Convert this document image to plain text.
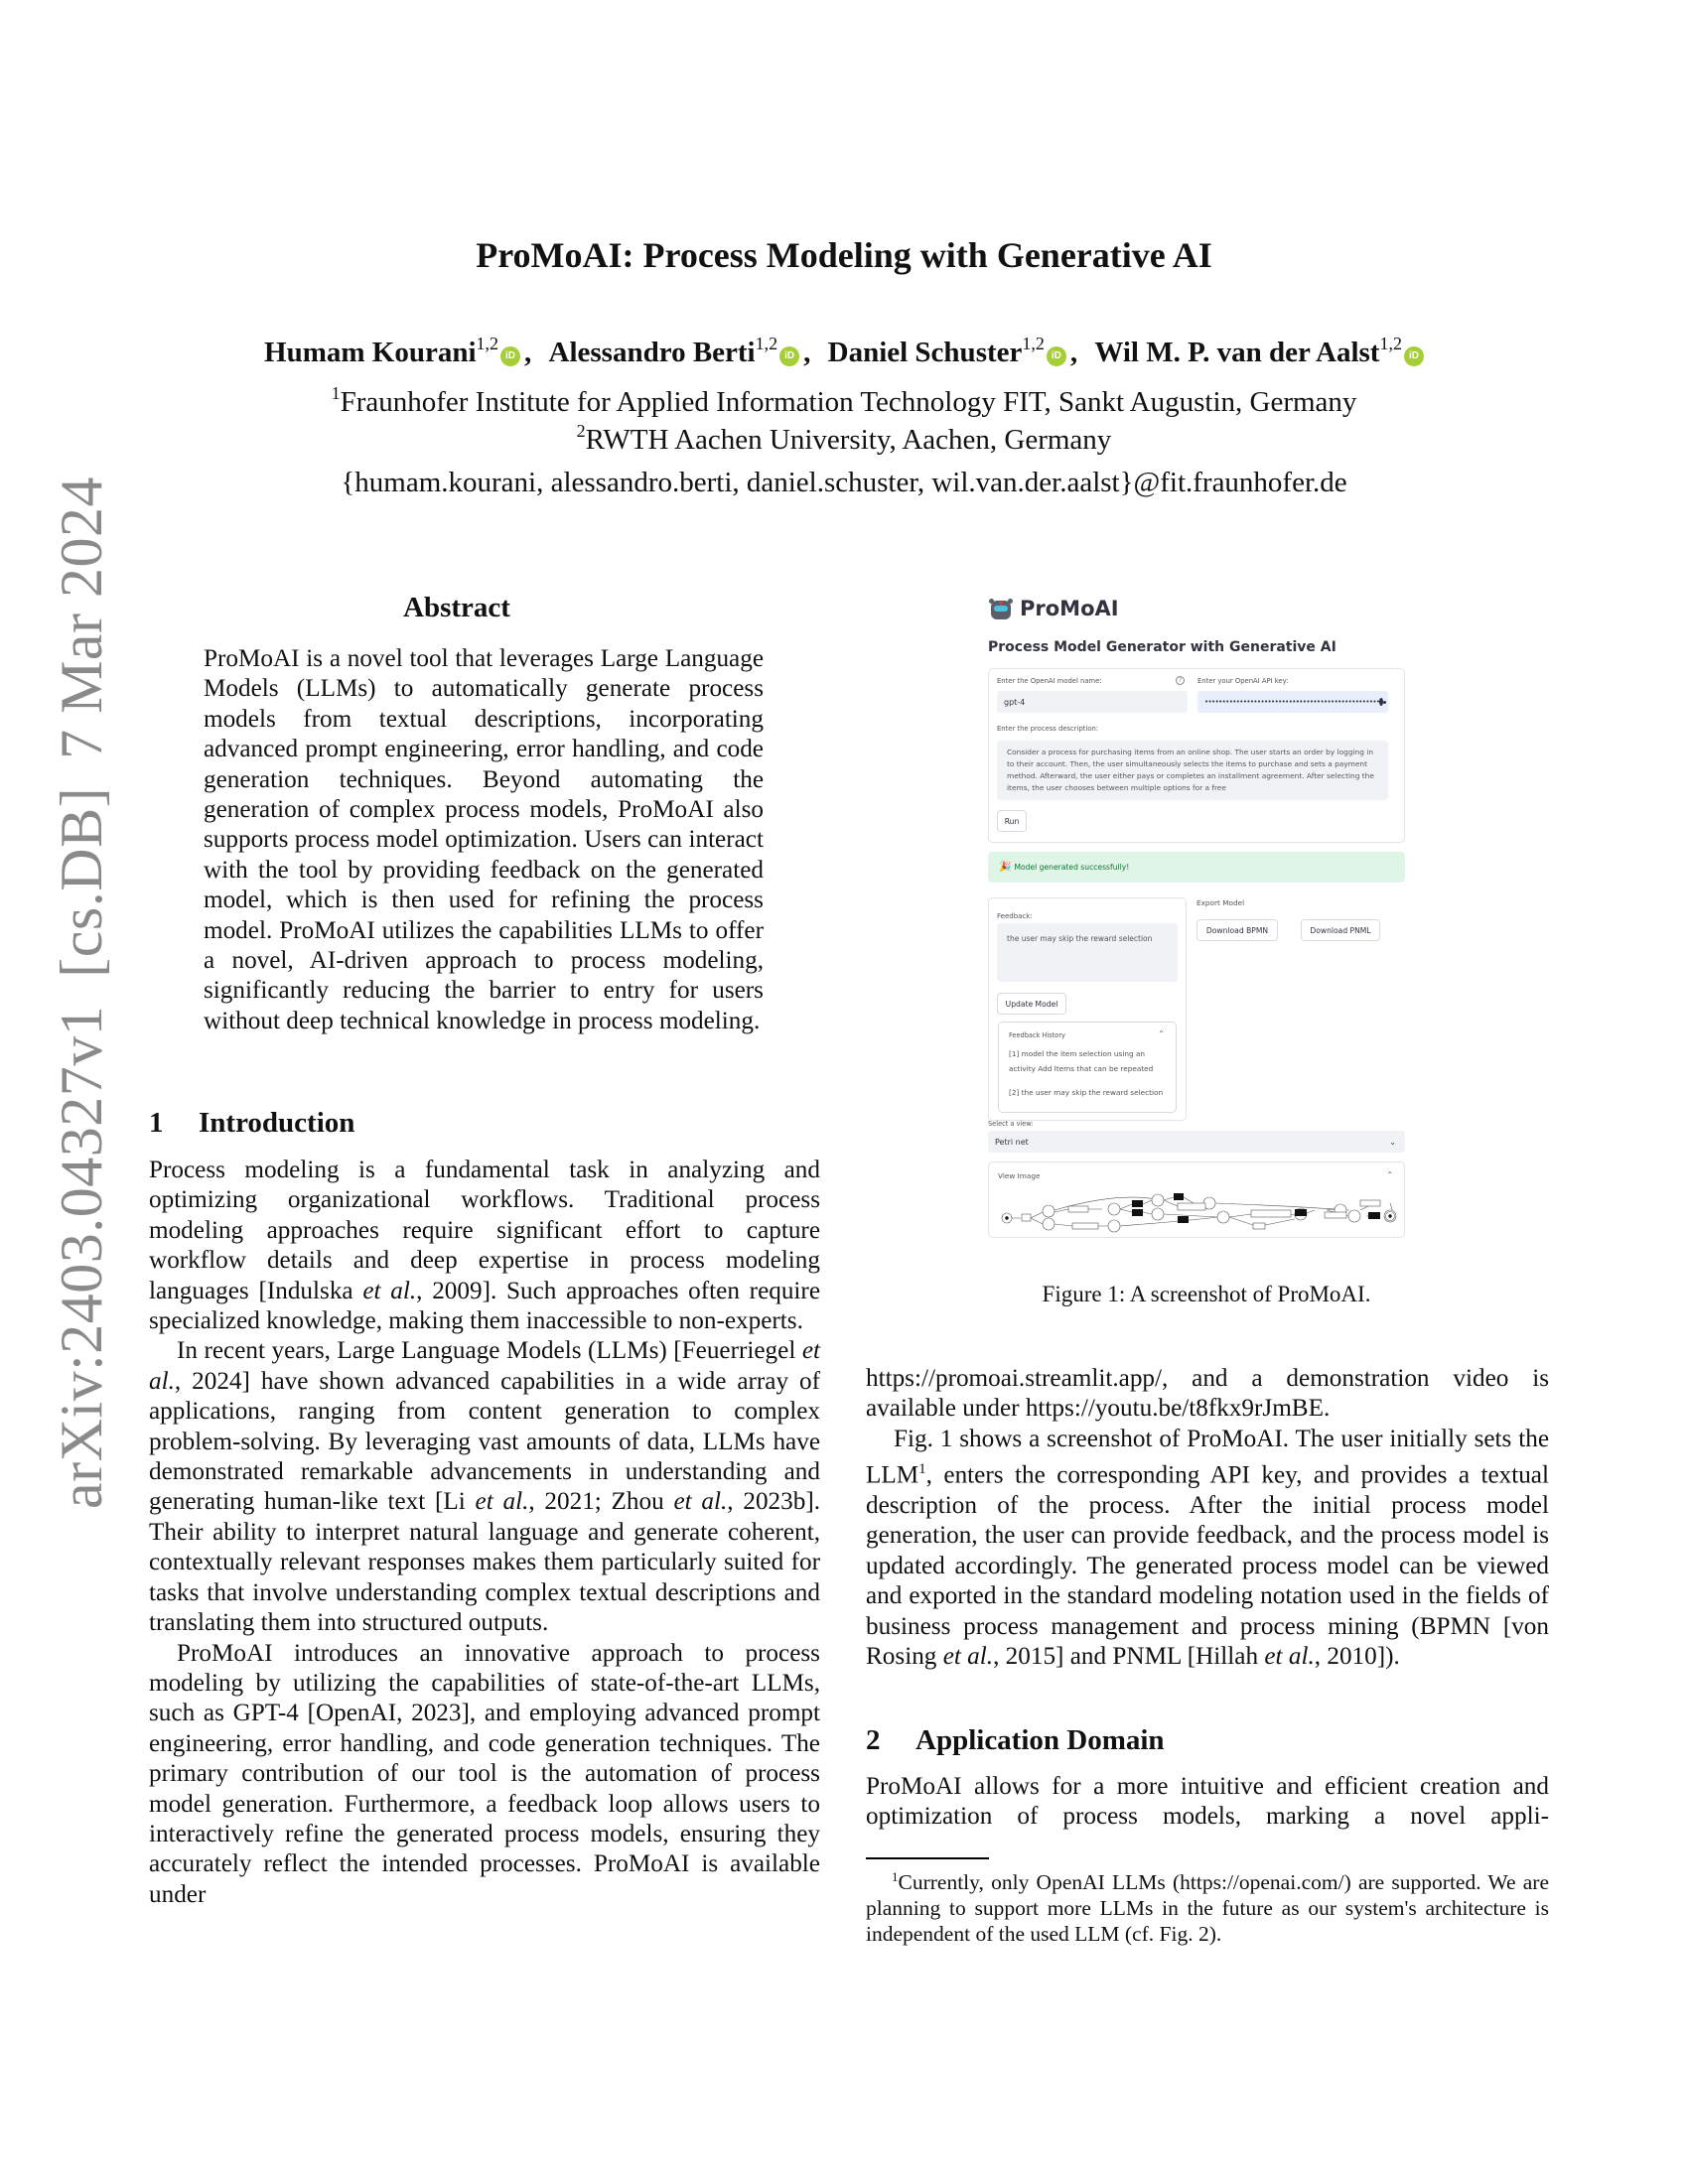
arXiv:2403.04327v1[cs.DB]7 Mar 2024
ProMoAI: Process Modeling with Generative AI
Humam Kourani$^{1,2}$iD , Alessandro Berti$^{1,2}$iD , Daniel Schuster$^{1,2}$iD , Wil M. P. van der Aalst$^{1,2}$iD
$^1$Fraunhofer Institute for Applied Information Technology FIT, Sankt Augustin, Germany
$^2$RWTH Aachen University, Aachen, Germany
{humam.kourani, alessandro.berti, daniel.schuster, wil.van.der.aalst}@fit.fraunhofer.de
Abstract

ProMoAI is a novel tool that leverages Large Language Models (LLMs) to automatically generate process models from textual descriptions, incorporating advanced prompt engineering, error handling, and code generation techniques. Beyond automating the generation of complex process models, ProMoAI also supports process model optimization. Users can interact with the tool by providing feedback on the generated model, which is then used for refining the process model. ProMoAI utilizes the capabilities LLMs to offer a novel, AI-driven approach to process modeling, significantly reducing the barrier to entry for users without deep technical knowledge in process modeling.

1 Introduction

Process modeling is a fundamental task in analyzing and optimizing organizational workflows. Traditional process modeling approaches require significant effort to capture workflow details and deep expertise in process modeling languages [Indulska et al., 2009]. Such approaches often require specialized knowledge, making them inaccessible to non-experts.

In recent years, Large Language Models (LLMs) [Feuerriegel et al., 2024] have shown advanced capabilities in a wide array of applications, ranging from content generation to complex problem-solving. By leveraging vast amounts of data, LLMs have demonstrated remarkable advancements in understanding and generating human-like text [Li et al., 2021; Zhou et al., 2023b]. Their ability to interpret natural language and generate coherent, contextually relevant responses makes them particularly suited for tasks that involve understanding complex textual descriptions and translating them into structured outputs.

ProMoAI introduces an innovative approach to process modeling by utilizing the capabilities of state-of-the-art LLMs, such as GPT-4 [OpenAI, 2023], and employing advanced prompt engineering, error handling, and code generation techniques. The primary contribution of our tool is the automation of process model generation. Furthermore, a feedback loop allows users to interactively refine the generated process models, ensuring they accurately reflect the intended processes. ProMoAI is available under

ProMoAI
Process Model Generator with Generative AI
Enter the OpenAI model name:	?
gpt-4
Enter your OpenAI API key:
••••••••••••••••••••••••••••••••••••••••••••••••••
Enter the process description:
Consider a process for purchasing items from an online shop. The user starts an order by logging in to their account. Then, the user simultaneously selects the items to purchase and sets a payment method. Afterward, the user either pays or completes an installment agreement. After selecting the items, the user chooses between multiple options for a free
Run
🎉 Model generated successfully!
Feedback:
the user may skip the reward selection
Update Model
Feedback History	⌃
[1] model the item selection using an activity Add Items that can be repeated
[2] the user may skip the reward selection
Export Model
Download BPMN	Download PNML
Select a view:
Petri net	⌄
View Image	⌃
Figure 1: A screenshot of ProMoAI.

https://promoai.streamlit.app/, and a demonstration video is available under https://youtu.be/t8fkx9rJmBE.

Fig. 1 shows a screenshot of ProMoAI. The user initially sets the LLM$^1$, enters the corresponding API key, and provides a textual description of the process. After the initial process model generation, the user can provide feedback, and the process model is updated accordingly. The generated process model can be viewed and exported in the standard modeling notation used in the fields of business process management and process mining (BPMN [von Rosing et al., 2015] and PNML [Hillah et al., 2010]).

2 Application Domain

ProMoAI allows for a more intuitive and efficient creation and optimization of process models, marking a novel appli-

$^1$Currently, only OpenAI LLMs (https://openai.com/) are supported. We are planning to support more LLMs in the future as our system's architecture is independent of the used LLM (cf. Fig. 2).
